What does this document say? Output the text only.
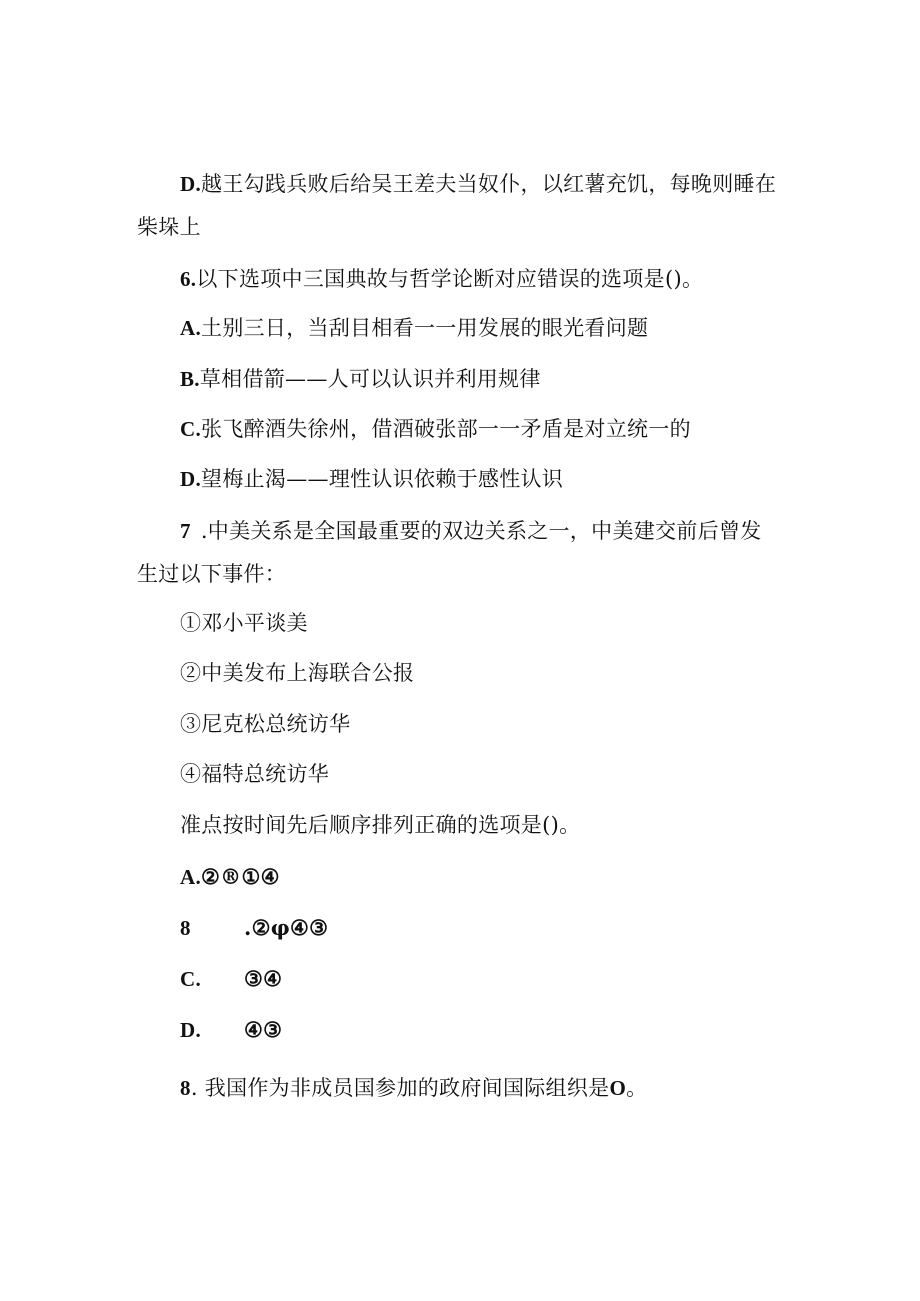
D.越王勾践兵败后给吴王差夫当奴仆，以红薯充饥，每晚则睡在
柴垛上
6.以下选项中三国典故与哲学论断对应错误的选项是()。
A.土别三日，当刮目相看一一用发展的眼光看问题
B.草相借箭——人可以认识并利用规律
C.张飞醉酒失徐州，借酒破张部一一矛盾是对立统一的
D.望梅止渴——理性认识依赖于感性认识
7 .中美关系是全国最重要的双边关系之一，中美建交前后曾发
生过以下事件：
①邓小平谈美
②中美发布上海联合公报
③尼克松总统访华
④福特总统访华
准点按时间先后顺序排列正确的选项是()。
A.②®①④
8	.②φ④③
C. ③④
D. ④③
8. 我国作为非成员国参加的政府间国际组织是O。
